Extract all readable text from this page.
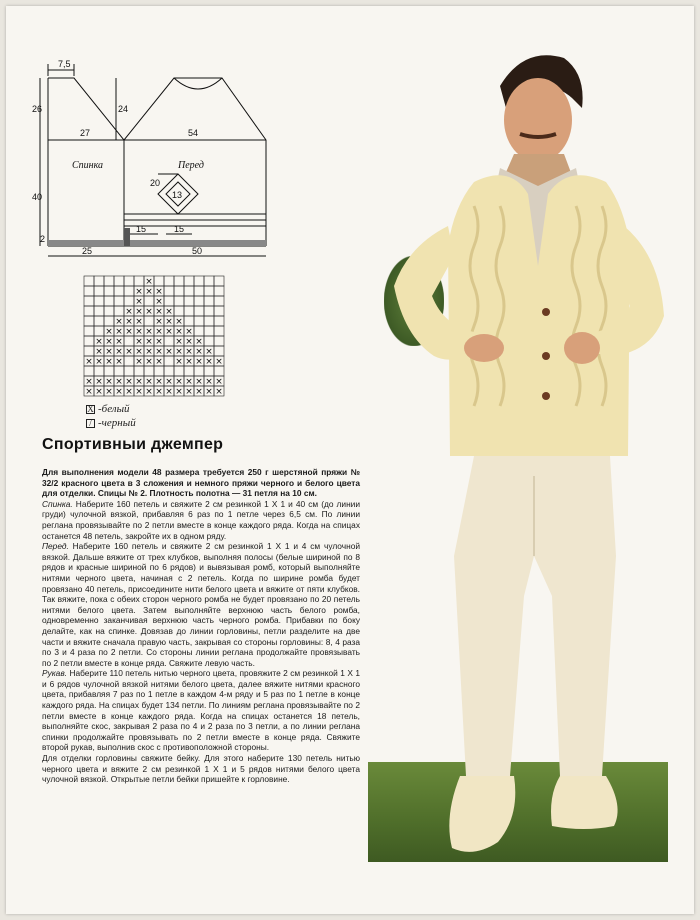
7,5
26	24
27	54
40
2
20
13
15	15
25	50
Спинка	Перед
×
× × ×
× ×
× × × × ×
× × × × × ×
× × × × × × × × ×
× × × × × × × × ×
× × × × × × × × × × × ×
× × × × × × × × × × × ×
× × × × × × × × × × × × × ×
× × × × × × × × × × × × × ×
X -белый
/ -черный
Спортивныи джемпер

Для выполнения модели 48 размера требуется 250 г шерстяной пряжи № 32/2 красного цвета в 3 сложения и немного пряжи черного и белого цвета для отделки. Спицы № 2. Плотность полотна — 31 петля на 10 см.

Спинка. Наберите 160 петель и свяжите 2 см резинкой 1 Х 1 и 40 см (до линии груди) чулочной вязкой, прибавляя 6 раз по 1 петле через 6,5 см. По линии реглана провязывайте по 2 петли вместе в конце каждого ряда. Когда на спицах останется 48 петель, закройте их в одном ряду.

Перед. Наберите 160 петель и свяжите 2 см резинкой 1 Х 1 и 4 см чулочной вязкой. Дальше вяжите от трех клубков, выполняя полосы (белые шириной по 8 рядов и красные шириной по 6 рядов) и вывязывая ромб, который выполняйте нитями черного цвета, начиная с 2 петель. Когда по ширине ромба будет провязано 40 петель, присоедините нити белого цвета и вяжите от пяти клубков. Так вяжите, пока с обеих сторон черного ромба не будет провязано по 20 петель нитями белого цвета. Затем выполняйте верхнюю часть белого ромба, одновременно заканчивая верхнюю часть черного ромба. Прибавки по боку делайте, как на спинке. Довязав до линии горловины, петли разделите на две части и вяжите сначала правую часть, закрывая со стороны горловины: 8, 4 раза по 3 и 4 раза по 2 петли. Со стороны линии реглана продолжайте провязывать по 2 петли вместе в конце ряда. Свяжите левую часть.

Рукав. Наберите 110 петель нитью черного цвета, провяжите 2 см резинкой 1 Х 1 и 6 рядов чулочной вязкой нитями белого цвета, далее вяжите нитями красного цвета, прибавляя 7 раз по 1 петле в каждом 4-м ряду и 5 раз по 1 петле в конце каждого ряда. На спицах будет 134 петли. По линиям реглана провязывайте по 2 петли вместе в конце каждого ряда. Когда на спицах останется 18 петель, выполняйте скос, закрывая 2 раза по 4 и 2 раза по 3 петли, а по линии реглана спинки продолжайте провязывать по 2 петли вместе в конце ряда. Свяжите второй рукав, выполнив скос с противоположной стороны.

Для отделки горловины свяжите бейку. Для этого наберите 130 петель нитью черного цвета и вяжите 2 см резинкой 1 Х 1 и 5 рядов нитями белого цвета чулочной вязкой. Открытые петли бейки пришейте к горловине.
